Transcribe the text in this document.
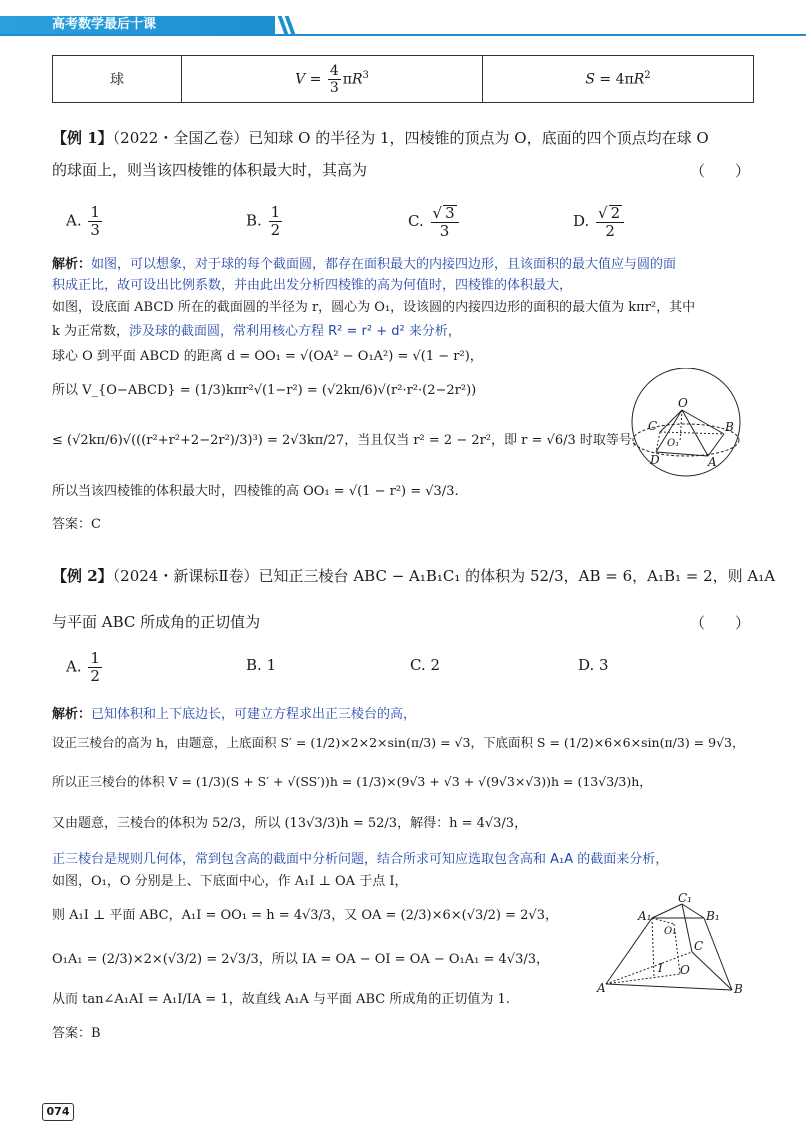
高考数学最后十课
球	$V = \frac{4}{3} \pi R^3$	$S = 4\pi R^2$
【例 1】（2022・全国乙卷）已知球 O 的半径为 1，四棱锥的顶点为 O，底面的四个顶点均在球 O
的球面上，则当该四棱锥的体积最大时，其高为	（　　）
A. $\frac{1}{3}$	B. $\frac{1}{2}$	C. $\frac{√ 3}{3}$	D. $\frac{√ 2}{2}$
解析：如图，可以想象，对于球的每个截面圆，都存在面积最大的内接四边形，且该面积的最大值应与圆的面
积成正比，故可设出比例系数，并由此出发分析四棱锥的高为何值时，四棱锥的体积最大，
如图，设底面 ABCD 所在的截面圆的半径为 r，圆心为 O₁，设该圆的内接四边形的面积的最大值为 kπr²，其中
k 为正常数，涉及球的截面圆，常利用核心方程 R² = r² + d² 来分析，
球心 O 到平面 ABCD 的距离 d = OO₁ = √(OA² − O₁A²) = √(1 − r²)，
所以 V_{O−ABCD} = (1/3)kπr²√(1−r²) = (√2kπ/6)√(r²·r²·(2−2r²))
≤ (√2kπ/6)√(((r²+r²+2−2r²)/3)³) = 2√3kπ/27，当且仅当 r² = 2 − 2r²，即 r = √6/3 时取等号，
所以当该四棱锥的体积最大时，四棱锥的高 OO₁ = √(1 − r²) = √3/3.
答案：C
O
C	B
O₁
D	A
【例 2】（2024・新课标Ⅱ卷）已知正三棱台 ABC − A₁B₁C₁ 的体积为 52/3，AB = 6，A₁B₁ = 2，则 A₁A
与平面 ABC 所成角的正切值为	（　　）
A. $\frac{1}{2}$	B. 1	C. 2	D. 3
解析：已知体积和上下底边长，可建立方程求出正三棱台的高，
设正三棱台的高为 h，由题意，上底面积 S′ = (1/2)×2×2×sin(π/3) = √3，下底面积 S = (1/2)×6×6×sin(π/3) = 9√3，
所以正三棱台的体积 V = (1/3)(S + S′ + √(SS′))h = (1/3)×(9√3 + √3 + √(9√3×√3))h = (13√3/3)h，
又由题意，三棱台的体积为 52/3，所以 (13√3/3)h = 52/3，解得：h = 4√3/3，
正三棱台是规则几何体，常到包含高的截面中分析问题，结合所求可知应选取包含高和 A₁A 的截面来分析，
如图，O₁，O 分别是上、下底面中心，作 A₁I ⊥ OA 于点 I，
则 A₁I ⊥ 平面 ABC，A₁I = OO₁ = h = 4√3/3，又 OA = (2/3)×6×(√3/2) = 2√3，
O₁A₁ = (2/3)×2×(√3/2) = 2√3/3，所以 IA = OA − OI = OA − O₁A₁ = 4√3/3，
从而 tan∠A₁AI = A₁I/IA = 1，故直线 A₁A 与平面 ABC 所成角的正切值为 1.
答案：B
C₁
A₁	B₁
O₁
C
I O
A	B
074
